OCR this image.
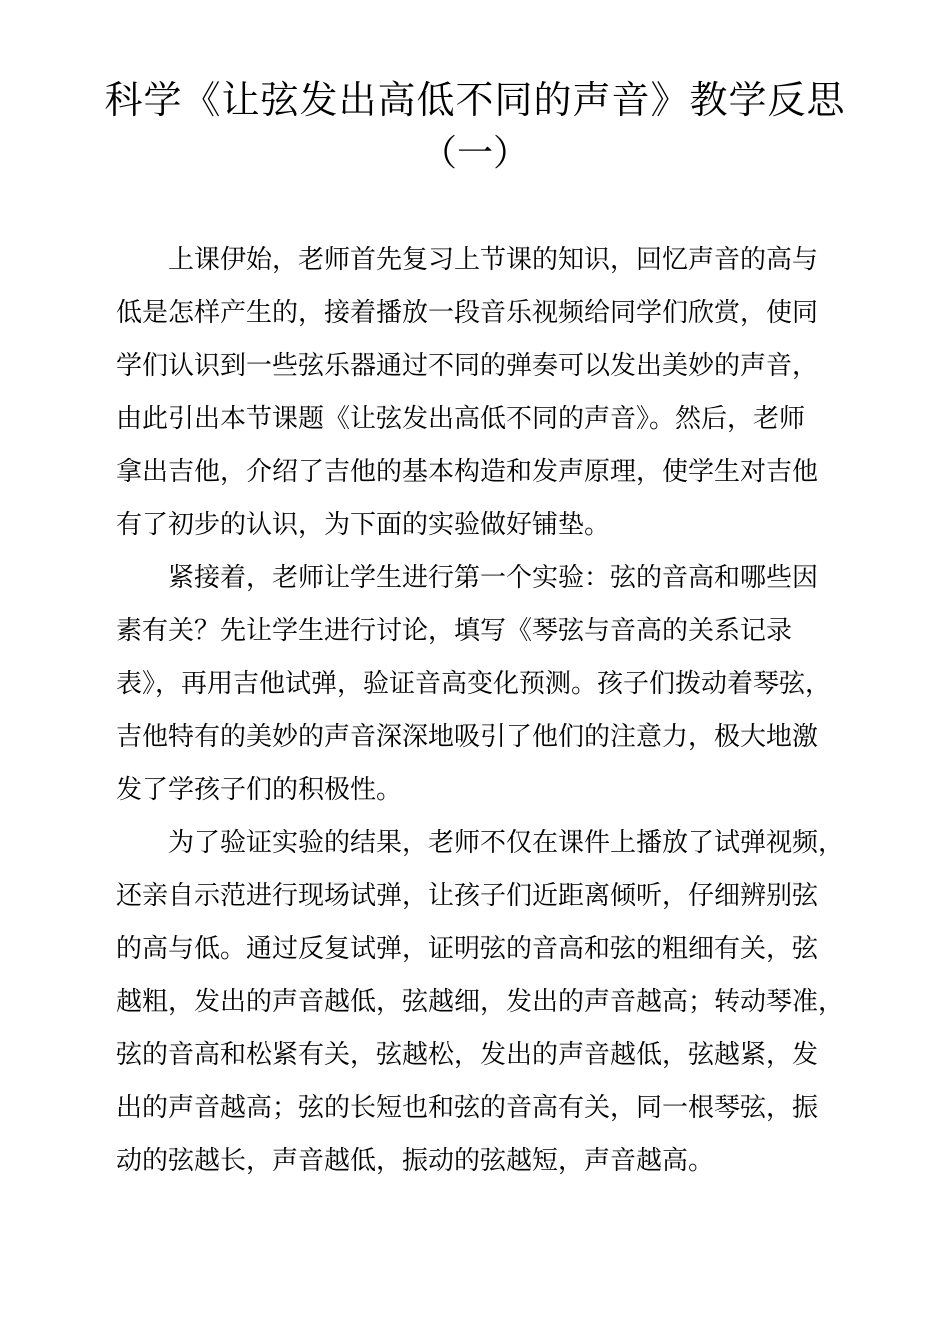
科学《让弦发出高低不同的声音》教学反思
（一）
上课伊始，老师首先复习上节课的知识，回忆声音的高与
低是怎样产生的，接着播放一段音乐视频给同学们欣赏，使同
学们认识到一些弦乐器通过不同的弹奏可以发出美妙的声音，
由此引出本节课题《让弦发出高低不同的声音》。然后，老师
拿出吉他，介绍了吉他的基本构造和发声原理，使学生对吉他
有了初步的认识，为下面的实验做好铺垫。
紧接着，老师让学生进行第一个实验：弦的音高和哪些因
素有关？先让学生进行讨论，填写《琴弦与音高的关系记录
表》，再用吉他试弹，验证音高变化预测。孩子们拨动着琴弦，
吉他特有的美妙的声音深深地吸引了他们的注意力，极大地激
发了学孩子们的积极性。
为了验证实验的结果，老师不仅在课件上播放了试弹视频，
还亲自示范进行现场试弹，让孩子们近距离倾听，仔细辨别弦
的高与低。通过反复试弹，证明弦的音高和弦的粗细有关，弦
越粗，发出的声音越低，弦越细，发出的声音越高；转动琴准，
弦的音高和松紧有关，弦越松，发出的声音越低，弦越紧，发
出的声音越高；弦的长短也和弦的音高有关，同一根琴弦，振
动的弦越长，声音越低，振动的弦越短，声音越高。
